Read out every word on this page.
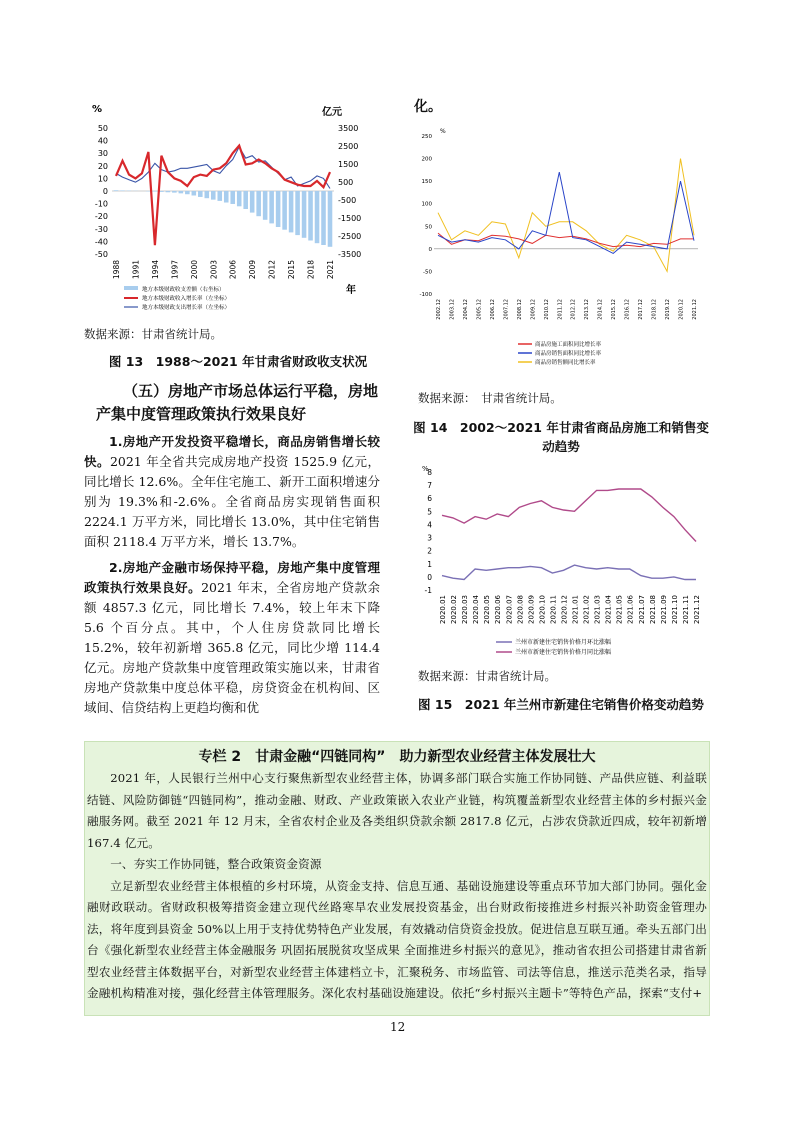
%	亿元
50
40
30
20
10
0
-10
-20
-30
-40
-50
3500
2500
1500
500
-500
-1500
-2500
-3500
1988 1991 1994 1997 2000 2003 2006 2009 2012 2015 2018 2021
年
地方本级财政收支差额（右坐标）
地方本级财政收入增长率（左坐标）
地方本级财政支出增长率（左坐标）
数据来源：甘肃省统计局。
图 13　1988～2021 年甘肃省财政收支状况
（五）房地产市场总体运行平稳，房地产集中度管理政策执行效果良好
1.房地产开发投资平稳增长，商品房销售增长较快。2021 年全省共完成房地产投资 1525.9 亿元，同比增长 12.6%。全年住宅施工、新开工面积增速分别为 19.3%和-2.6%。全省商品房实现销售面积 2224.1 万平方米，同比增长 13.0%，其中住宅销售面积 2118.4 万平方米，增长 13.7%。
2.房地产金融市场保持平稳，房地产集中度管理政策执行效果良好。2021 年末，全省房地产贷款余额 4857.3 亿元，同比增长 7.4%，较上年末下降 5.6 个百分点。其中，个人住房贷款同比增长 15.2%，较年初新增 365.8 亿元，同比少增 114.4 亿元。房地产贷款集中度管理政策实施以来，甘肃省房地产贷款集中度总体平稳，房贷资金在机构间、区域间、信贷结构上更趋均衡和优
化。
%
250
200
150
100
50
0
-50
-100
2002.12 2003.12 2004.12 2005.12 2006.12 2007.12 2008.12 2009.12 2010.12 2011.12 2012.12 2013.12 2014.12 2015.12 2016.12 2017.12 2018.12 2019.12 2020.12 2021.12
商品房施工面积同比增长率
商品房销售面积同比增长率
商品房销售额同比增长率
数据来源：　甘肃省统计局。
图 14　2002～2021 年甘肃省商品房施工和销售变动趋势
%
8
7
6
5
4
3
2
1
0
-1
2020.01 2020.02 2020.03 2020.04 2020.05 2020.06 2020.07 2020.08 2020.09 2020.10 2020.11 2020.12 2021.01 2021.02 2021.03 2021.04 2021.05 2021.06 2021.07 2021.08 2021.09 2021.10 2021.11 2021.12
兰州市新建住宅销售价格月环比涨幅
兰州市新建住宅销售价格月同比涨幅
数据来源：甘肃省统计局。
图 15　2021 年兰州市新建住宅销售价格变动趋势
专栏 2　甘肃金融“四链同构”　助力新型农业经营主体发展壮大
2021 年，人民银行兰州中心支行聚焦新型农业经营主体，协调多部门联合实施工作协同链、产品供应链、利益联结链、风险防御链“四链同构”，推动金融、财政、产业政策嵌入农业产业链，构筑覆盖新型农业经营主体的乡村振兴金融服务网。截至 2021 年 12 月末，全省农村企业及各类组织贷款余额 2817.8 亿元，占涉农贷款近四成，较年初新增 167.4 亿元。
一、夯实工作协同链，整合政策资金资源
立足新型农业经营主体根植的乡村环境，从资金支持、信息互通、基础设施建设等重点环节加大部门协同。强化金融财政联动。省财政积极筹措资金建立现代丝路寒旱农业发展投资基金，出台财政衔接推进乡村振兴补助资金管理办法，将年度到县资金 50%以上用于支持优势特色产业发展，有效撬动信贷资金投放。促进信息互联互通。牵头五部门出台《强化新型农业经营主体金融服务 巩固拓展脱贫攻坚成果 全面推进乡村振兴的意见》，推动省农担公司搭建甘肃省新型农业经营主体数据平台，对新型农业经营主体建档立卡，汇聚税务、市场监管、司法等信息，推送示范类名录，指导金融机构精准对接，强化经营主体管理服务。深化农村基础设施建设。依托“乡村振兴主题卡”等特色产品，探索“支付+
12
